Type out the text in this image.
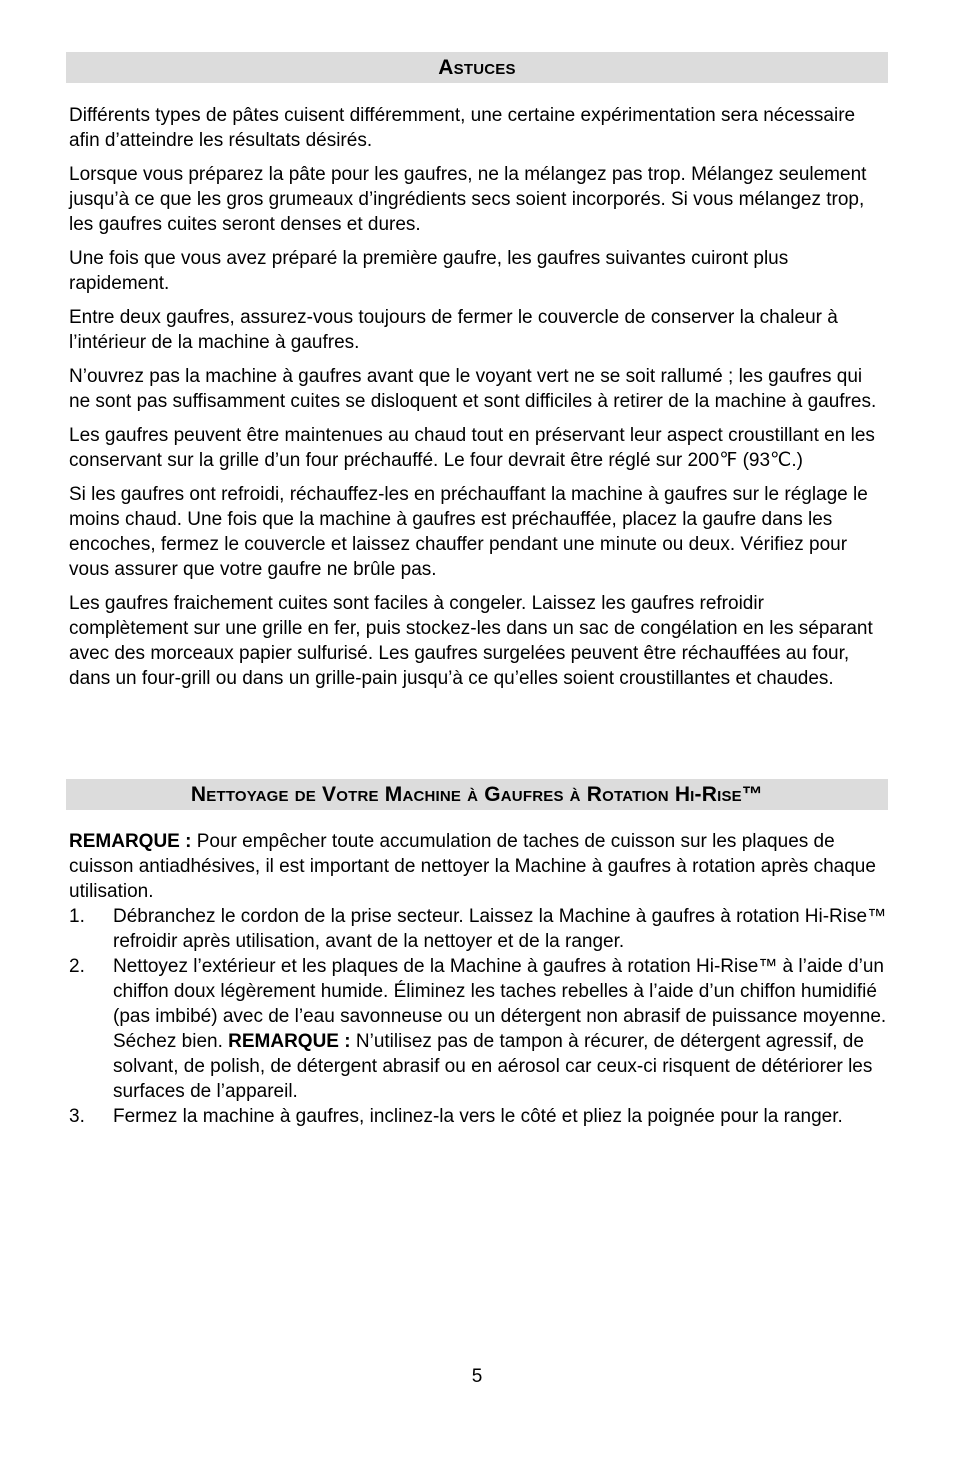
Astuces

Différents types de pâtes cuisent différemment, une certaine expérimentation sera nécessaire afin d’atteindre les résultats désirés.

Lorsque vous préparez la pâte pour les gaufres, ne la mélangez pas trop. Mélangez seulement jusqu’à ce que les gros grumeaux d’ingrédients secs soient incorporés. Si vous mélangez trop, les gaufres cuites seront denses et dures.

Une fois que vous avez préparé la première gaufre, les gaufres suivantes cuiront plus rapidement.

Entre deux gaufres, assurez-vous toujours de fermer le couvercle de conserver la chaleur à l’intérieur de la machine à gaufres.

N’ouvrez pas la machine à gaufres avant que le voyant vert ne se soit rallumé ; les gaufres qui ne sont pas suffisamment cuites se disloquent et sont difficiles à retirer de la machine à gaufres.

Les gaufres peuvent être maintenues au chaud tout en préservant leur aspect croustillant en les conservant sur la grille d’un four préchauffé. Le four devrait être réglé sur 200℉ (93℃.)

Si les gaufres ont refroidi, réchauffez-les en préchauffant la machine à gaufres sur le réglage le moins chaud. Une fois que la machine à gaufres est préchauffée, placez la gaufre dans les encoches, fermez le couvercle et laissez chauffer pendant une minute ou deux. Vérifiez pour vous assurer que votre gaufre ne brûle pas.

Les gaufres fraichement cuites sont faciles à congeler. Laissez les gaufres refroidir complètement sur une grille en fer, puis stockez-les dans un sac de congélation en les séparant avec des morceaux papier sulfurisé. Les gaufres surgelées peuvent être réchauffées au four, dans un four-grill ou dans un grille-pain jusqu’à ce qu’elles soient croustillantes et chaudes.

Nettoyage de Votre Machine à Gaufres à Rotation Hi-Rise™

REMARQUE : Pour empêcher toute accumulation de taches de cuisson sur les plaques de cuisson antiadhésives, il est important de nettoyer la Machine à gaufres à rotation après chaque utilisation.

1. Débranchez le cordon de la prise secteur. Laissez la Machine à gaufres à rotation Hi-Rise™ refroidir après utilisation, avant de la nettoyer et de la ranger.
2. Nettoyez l’extérieur et les plaques de la Machine à gaufres à rotation Hi-Rise™ à l’aide d’un chiffon doux légèrement humide. Éliminez les taches rebelles à l’aide d’un chiffon humidifié (pas imbibé) avec de l’eau savonneuse ou un détergent non abrasif de puissance moyenne. Séchez bien. REMARQUE : N’utilisez pas de tampon à récurer, de détergent agressif, de solvant, de polish, de détergent abrasif ou en aérosol car ceux-ci risquent de détériorer les surfaces de l’appareil.
3. Fermez la machine à gaufres, inclinez-la vers le côté et pliez la poignée pour la ranger.
5
